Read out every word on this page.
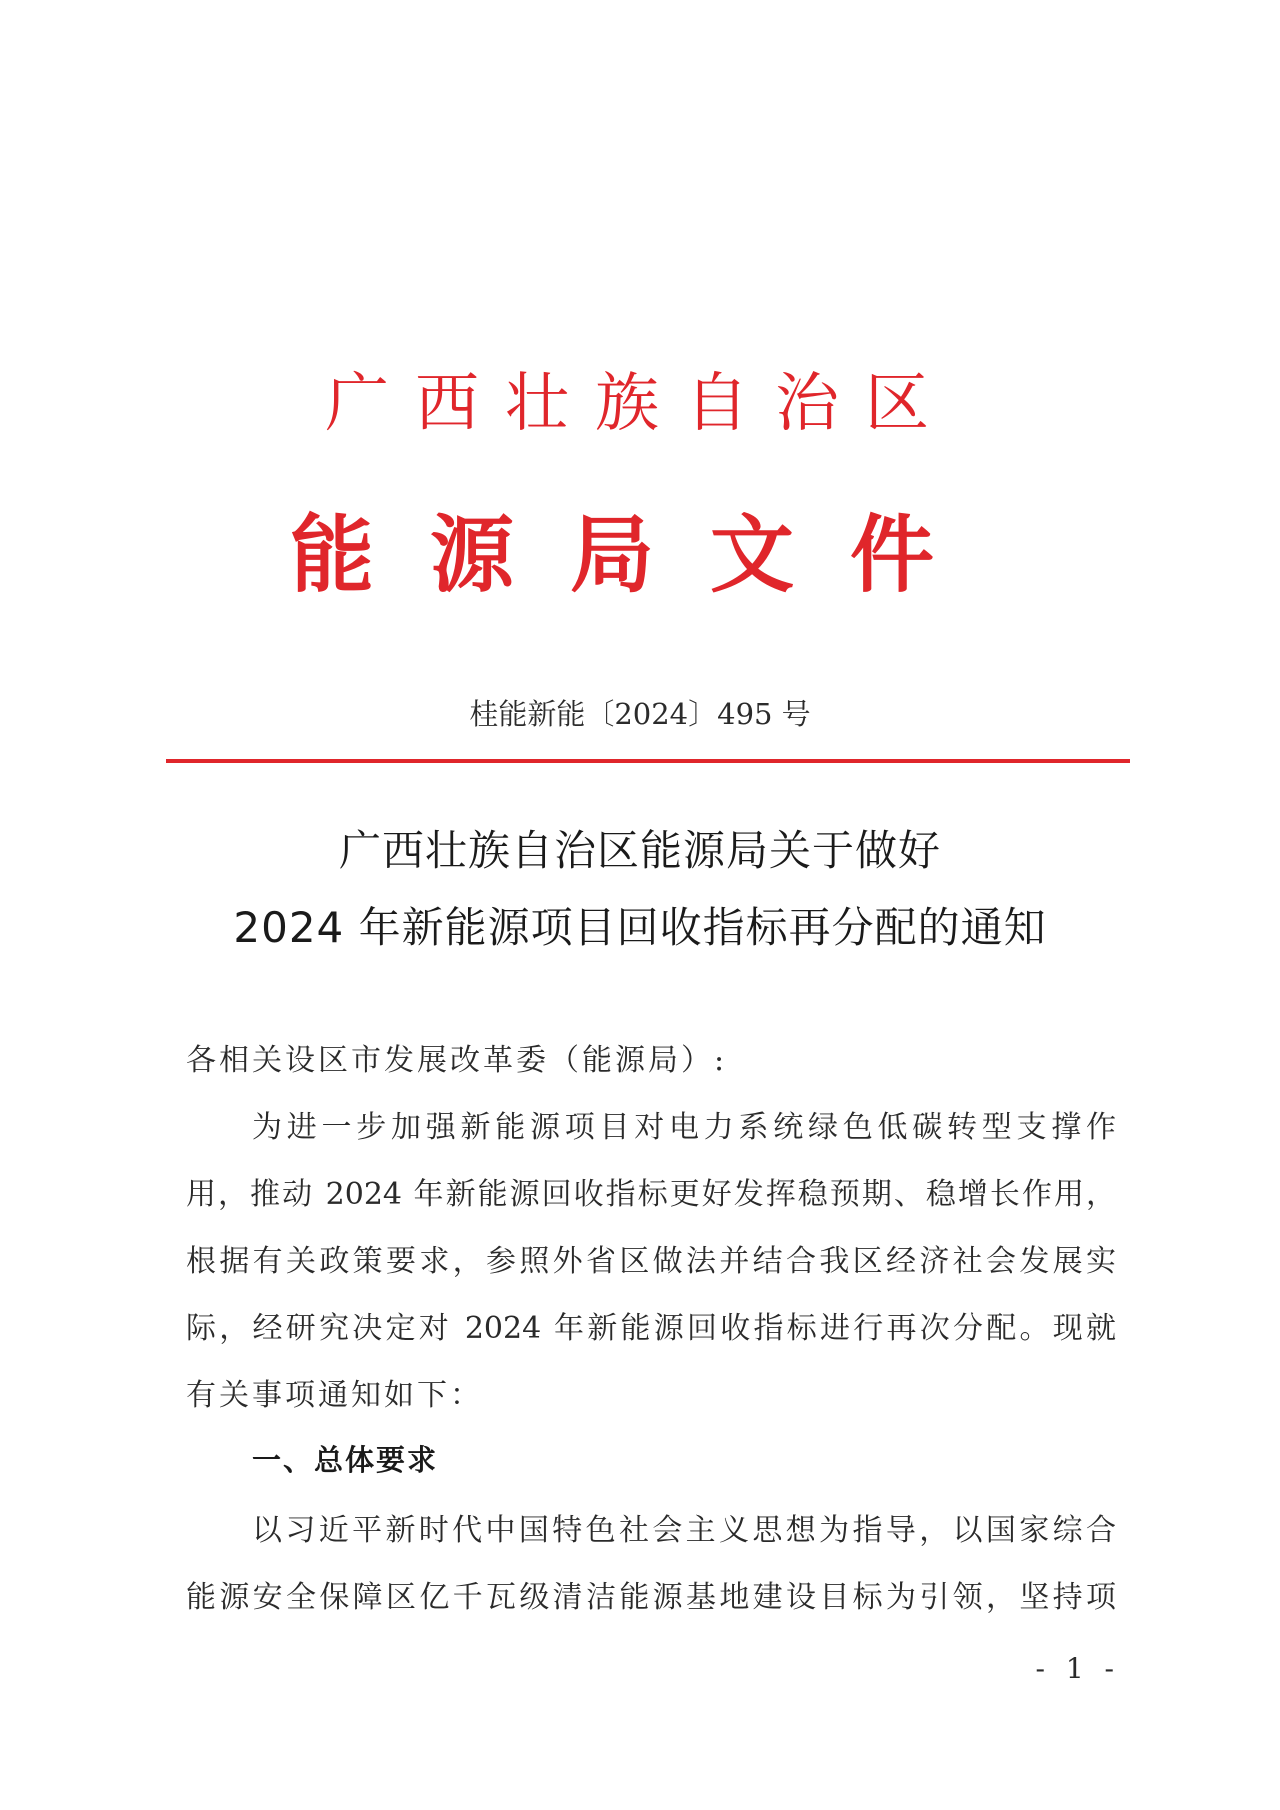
广西壮族自治区
能源局文件
桂能新能〔2024〕495 号
广西壮族自治区能源局关于做好
2024 年新能源项目回收指标再分配的通知
各相关设区市发展改革委（能源局）:
为进一步加强新能源项目对电力系统绿色低碳转型支撑作
用，推动 2024 年新能源回收指标更好发挥稳预期、稳增长作用，
根据有关政策要求，参照外省区做法并结合我区经济社会发展实
际，经研究决定对 2024 年新能源回收指标进行再次分配。现就
有关事项通知如下：
一、总体要求
以习近平新时代中国特色社会主义思想为指导，以国家综合
能源安全保障区亿千瓦级清洁能源基地建设目标为引领，坚持项
- 1 -
